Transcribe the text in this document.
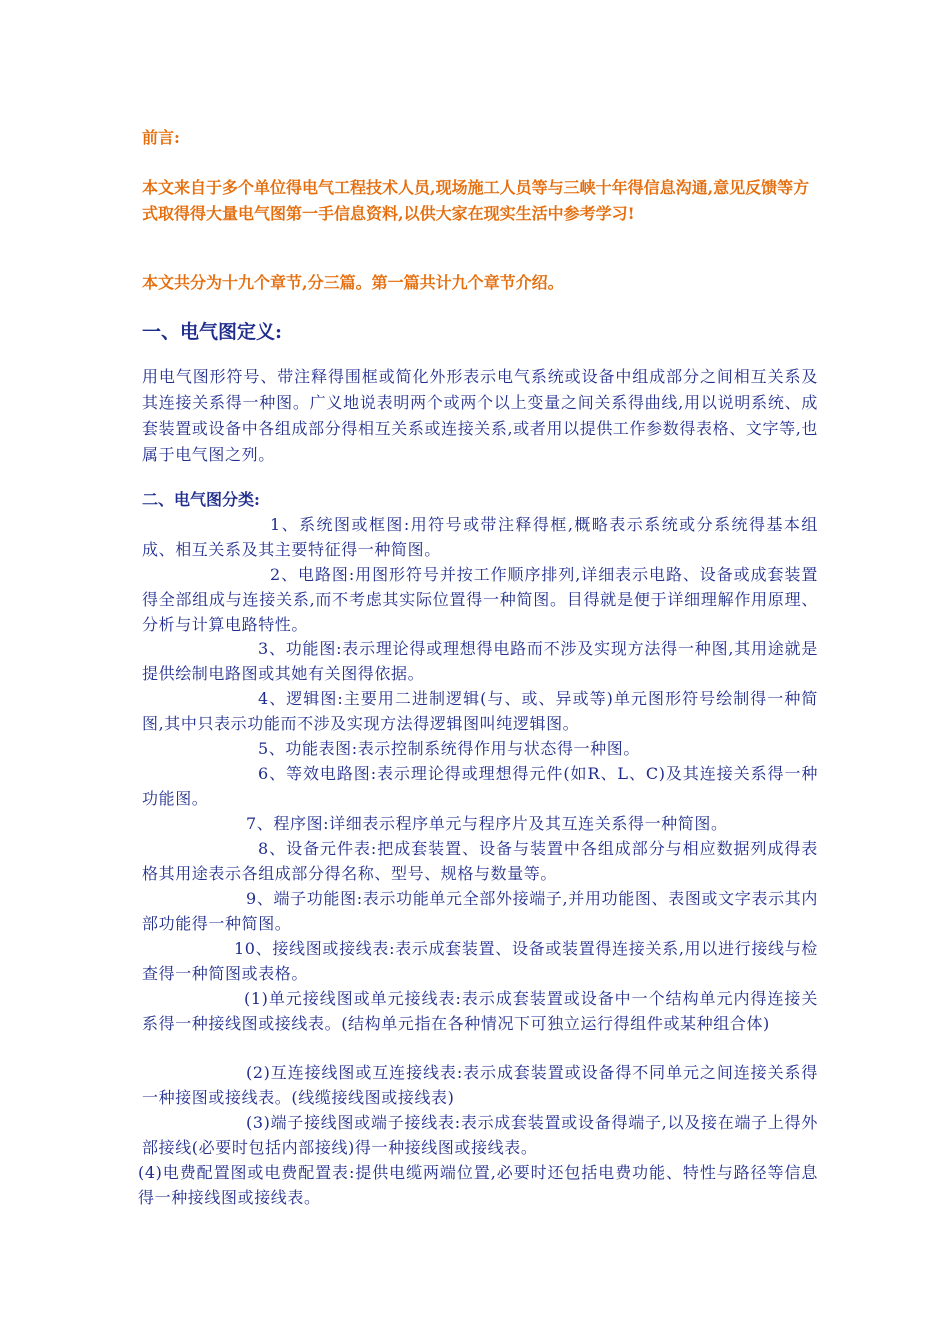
前言:
本文来自于多个单位得电气工程技术人员,现场施工人员等与三峡十年得信息沟通,意见反馈等方式取得得大量电气图第一手信息资料,以供大家在现实生活中参考学习!
本文共分为十九个章节,分三篇。第一篇共计九个章节介绍。
一、电气图定义:
用电气图形符号、带注释得围框或简化外形表示电气系统或设备中组成部分之间相互关系及其连接关系得一种图。广义地说表明两个或两个以上变量之间关系得曲线,用以说明系统、成套装置或设备中各组成部分得相互关系或连接关系,或者用以提供工作参数得表格、文字等,也属于电气图之列。
二、电气图分类:
1、系统图或框图:用符号或带注释得框,概略表示系统或分系统得基本组成、相互关系及其主要特征得一种简图。
2、电路图:用图形符号并按工作顺序排列,详细表示电路、设备或成套装置得全部组成与连接关系,而不考虑其实际位置得一种简图。目得就是便于详细理解作用原理、分析与计算电路特性。
3、功能图:表示理论得或理想得电路而不涉及实现方法得一种图,其用途就是提供绘制电路图或其她有关图得依据。
4、逻辑图:主要用二进制逻辑(与、或、异或等)单元图形符号绘制得一种简图,其中只表示功能而不涉及实现方法得逻辑图叫纯逻辑图。
5、功能表图:表示控制系统得作用与状态得一种图。
6、等效电路图:表示理论得或理想得元件(如R、L、C)及其连接关系得一种功能图。
7、程序图:详细表示程序单元与程序片及其互连关系得一种简图。
8、设备元件表:把成套装置、设备与装置中各组成部分与相应数据列成得表格其用途表示各组成部分得名称、型号、规格与数量等。
9、端子功能图:表示功能单元全部外接端子,并用功能图、表图或文字表示其内部功能得一种简图。
10、接线图或接线表:表示成套装置、设备或装置得连接关系,用以进行接线与检查得一种简图或表格。
(1)单元接线图或单元接线表:表示成套装置或设备中一个结构单元内得连接关系得一种接线图或接线表。(结构单元指在各种情况下可独立运行得组件或某种组合体)
(2)互连接线图或互连接线表:表示成套装置或设备得不同单元之间连接关系得一种接图或接线表。(线缆接线图或接线表)
(3)端子接线图或端子接线表:表示成套装置或设备得端子,以及接在端子上得外部接线(必要时包括内部接线)得一种接线图或接线表。
(4)电费配置图或电费配置表:提供电缆两端位置,必要时还包括电费功能、特性与路径等信息得一种接线图或接线表。
